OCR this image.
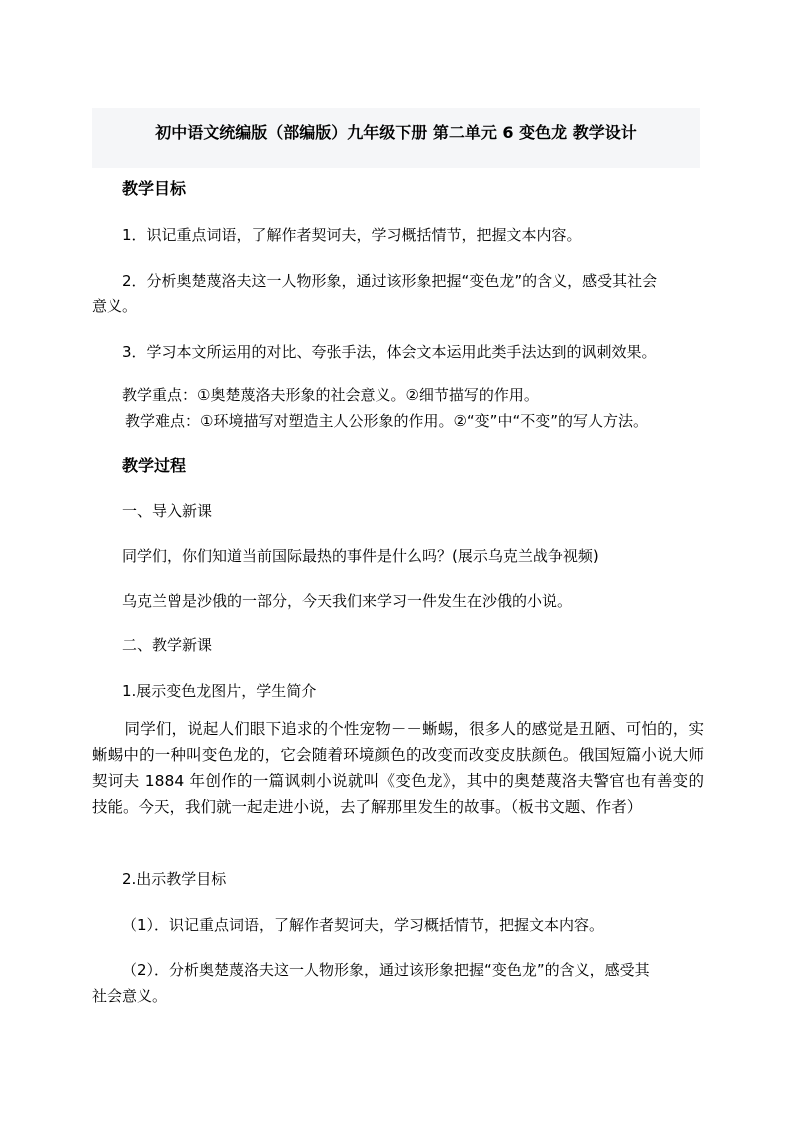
初中语文统编版（部编版）九年级下册 第二单元 6 变色龙 教学设计
教学目标
1．识记重点词语，了解作者契诃夫，学习概括情节，把握文本内容。
2．分析奥楚蔑洛夫这一人物形象，通过该形象把握“变色龙”的含义，感受其社会
意义。
3．学习本文所运用的对比、夸张手法，体会文本运用此类手法达到的讽刺效果。
教学重点：①奥楚蔑洛夫形象的社会意义。②细节描写的作用。
教学难点：①环境描写对塑造主人公形象的作用。②“变”中“不变”的写人方法。
教学过程
一、导入新课
同学们，你们知道当前国际最热的事件是什么吗？(展示乌克兰战争视频)
乌克兰曾是沙俄的一部分，今天我们来学习一件发生在沙俄的小说。
二、教学新课
1.展示变色龙图片，学生简介
同学们，说起人们眼下追求的个性宠物－－蜥蜴，很多人的感觉是丑陋、可怕的，实蜥蜴中的一种叫变色龙的，它会随着环境颜色的改变而改变皮肤颜色。俄国短篇小说大师契诃夫 1884 年创作的一篇讽刺小说就叫《变色龙》，其中的奥楚蔑洛夫警官也有善变的技能。今天，我们就一起走进小说，去了解那里发生的故事。（板书文题、作者）
2.出示教学目标
（1）．识记重点词语，了解作者契诃夫，学习概括情节，把握文本内容。
（2）．分析奥楚蔑洛夫这一人物形象，通过该形象把握“变色龙”的含义，感受其
社会意义。
